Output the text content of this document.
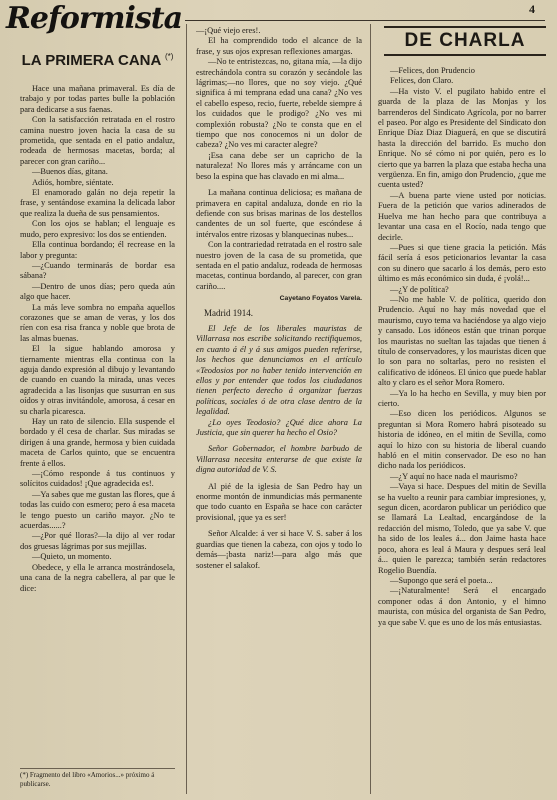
Reformista	4
LA PRIMERA CANA (*)

Hace una mañana primaveral. Es día de trabajo y por todas partes bulle la población para dedicarse a sus faenas.

Con la satisfacción retratada en el rostro camina nuestro joven hacia la casa de su prometida, que sentada en el patio andaluz, rodeada de hermosas macetas, borda; al parecer con gran cariño...

—Buenos días, gitana.

Adiós, hombre, siéntate.

El enamorado galán no deja repetir la frase, y sentándose examina la delicada labor que realiza la dueña de sus pensamientos.

Con los ojos se hablan; el lenguaje es mudo, pero expresivo: los dos se entienden.

Ella continua bordando; él recrease en la labor y pregunta:

—¿Cuando terminarás de bordar esa sábana?

—Dentro de unos días; pero queda aún algo que hacer.

La más leve sombra no empaña aquellos corazones que se aman de veras, y los dos ríen con esa risa franca y noble que brota de las almas buenas.

El la sigue hablando amorosa y tiernamente mientras ella continua con la aguja dando expresión al dibujo y levantando de cuando en cuando la mirada, unas veces agradecida a las lisonjas que susurran en sus oídos y otras invitándole, amorosa, á cesar en su charla picaresca.

Hay un rato de silencio. Ella suspende el bordado y él cesa de charlar. Sus miradas se dirigen á una grande, hermosa y bien cuidada maceta de Carlos quinto, que se encuentra frente á ellos.

—¡Cómo responde á tus continuos y solícitos cuidados! ¡Que agradecida es!.

—Ya sabes que me gustan las flores, que á todas las cuido con esmero; pero á esa maceta le tengo puesto un cariño mayor. ¿No te acuerdas......?

—¿Por qué lloras?—la dijo al ver rodar dos gruesas lágrimas por sus mejillas.

—Quieto, un momento.

Obedece, y ella le arranca mostrándosela, una cana de la negra cabellera, al par que le dice:

(*) Fragmento del libro «Amorios...» próximo á publicarse.

—¡Qué viejo eres!.

El ha comprendido todo el alcance de la frase, y sus ojos expresan reflexiones amargas.

—No te entristezcas, no, gitana mía, —la dijo estrechándola contra su corazón y secándole las lágrimas;—no llores, que no soy viejo. ¿Qué significa á mi temprana edad una cana? ¿No ves el cabello espeso, recio, fuerte, rebelde siempre á los cuidados que le prodigo? ¿No ves mi complexión robusta? ¿No te consta que en el tiempo que nos conocemos ni un dolor de cabeza? ¿No ves mi caracter alegre?

¡Esa cana debe ser un capricho de la naturaleza! No llores más y arráncame con un beso la espina que has clavado en mi alma...

La mañana continua deliciosa; es mañana de primavera en capital andaluza, donde en rio la defiende con sus brisas marinas de los destellos candentes de un sol fuerte, que escóndese á intérvalos entre rizosas y blanquecinas nubes...

Con la contrariedad retratada en el rostro sale nuestro joven de la casa de su prometida, que sentada en el patio andaluz, rodeada de hermosas macetas, continua bordando, al parecer, con gran cariño....

Cayetano Foyatos Varela.

Madrid 1914.

El Jefe de los liberales mauristas de Villarrasa nos escribe solicitando rectifiquemos, en cuanto á él y á sus amigos pueden referirse, los hechos que denunciamos en el artículo «Teodosios por no haber tenido intervención en ellos y por entender que todos los ciudadanos tienen perfecto derecho á organizar fuerzas políticas, sociales ó de otra clase dentro de la legalidad.

¿Lo oyes Teodosio? ¿Qué dice ahora La Justicia, que sin querer ha hecho el Osio?

Señor Gobernador, el hombre barbudo de Villarrasa necesita enterarse de que existe la digna autoridad de V. S.

Al pié de la iglesia de San Pedro hay un enorme montón de inmundicias más permanente que todo cuanto en España se hace con carácter provisional, ¡que ya es ser!

Señor Alcalde: á ver si hace V. S. saber á los guardias que tienen la cabeza, con ojos y todo lo demás—¡basta nariz!—para algo más que sostener el salakof.

DE CHARLA

—Felices, don Prudencio

Felices, don Claro.

—Ha visto V. el pugilato habido entre el guarda de la plaza de las Monjas y los barrenderos del Sindicato Agrícola, por no barrer el paseo. Por algo es Presidente del Sindicato don Enrique Díaz Diaz Diaguerá, en que se discutirá hasta la dirección del barrido. Es mucho don Enrique. No sé cómo ni por quién, pero es lo cierto que ya barren la plaza que estaba hecha una vergüenza. En fin, amigo don Prudencio, ¿que me cuenta usted?

—A buena parte viene usted por noticias. Fuera de la petición que varios adinerados de Huelva me han hecho para que contribuya a levantar una casa en el Rocío, nada tengo que decirle.

—Pues si que tiene gracia la petición. Más fácil sería á esos peticionarios levantar la casa con su dinero que sacarlo á los demás, pero esto último es más económico sin duda, é ¡volá!...

—¿Y de política?

—No me hable V. de política, querido don Prudencio. Aquí no hay más novedad que el maurismo, cuyo tema va haciéndose ya algo viejo y cansado. Los idóneos están que trinan porque los mauristas no sueltan las tajadas que tienen á título de conservadores, y los mauristas dicen que lo son para no soltarlas, pero no resisten el calificativo de idóneos. El único que puede hablar alto y claro es el señor Mora Romero.

—Ya lo ha hecho en Sevilla, y muy bien por cierto.

—Eso dicen los periódicos. Algunos se preguntan si Mora Romero habrá pisoteado su historia de idóneo, en el mitin de Sevilla, como aquí lo hizo con su historia de liberal cuando habló en el mitin conservador. De eso no han dicho nada los periódicos.

—¿Y aquí no hace nada el maurismo?

—Vaya si hace. Despues del mitin de Sevilla se ha vuelto a reunir para cambiar impresiones, y, segun dicen, acordaron publicar un periódico que se llamará La Lealtad, encargándose de la redacción del mismo, Toledo, que ya sabe V. que ha sido de los leales á... don Jaime hasta hace poco, ahora es leal á Maura y despues será leal á... quien le parezca; también serán redactores Rogelio Buendía.

—Supongo que será el poeta...

—¡Naturalmente! Será el encargado componer odas á don Antonio, y el himno maurista, con música del organista de San Pedro, ya que sabe V. que es uno de los más entusiastas.
